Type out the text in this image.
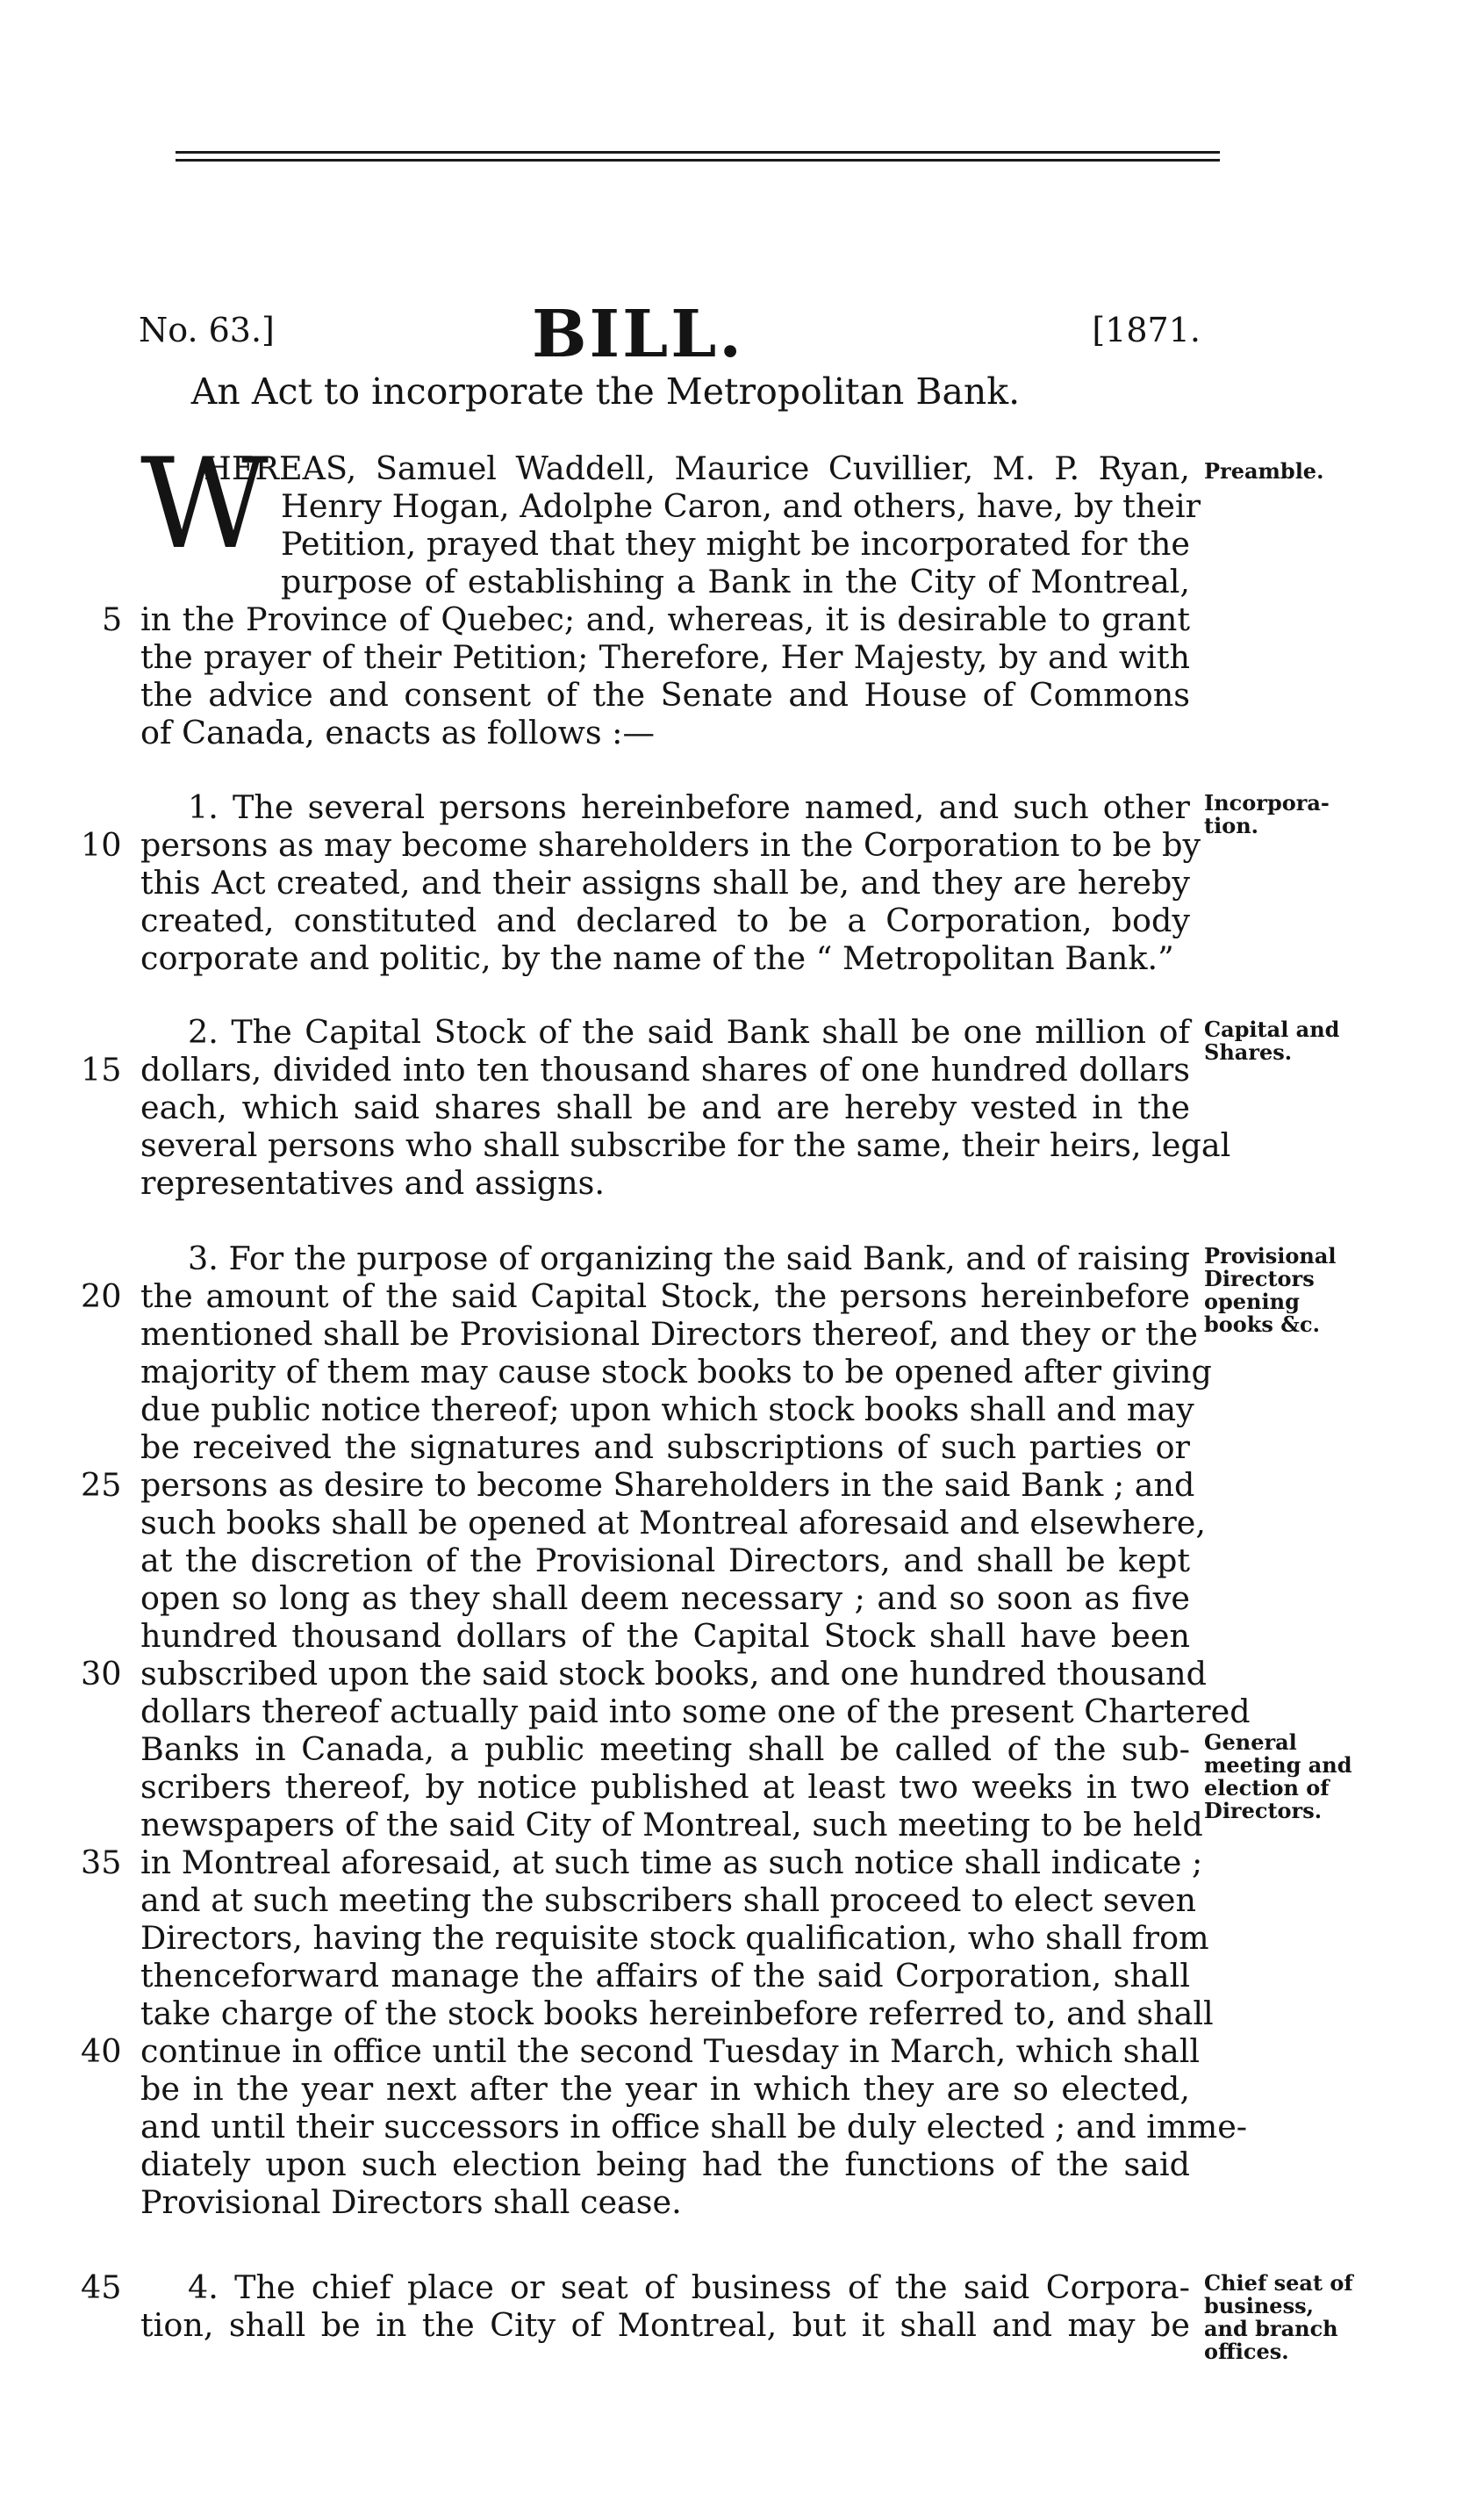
No. 63.]	BILL.	[1871.
An Act to incorporate the Metropolitan Bank.
W
HEREAS, Samuel Waddell, Maurice Cuvillier, M. P. Ryan,
Henry Hogan, Adolphe Caron, and others, have, by their
Petition, prayed that they might be incorporated for the
purpose of establishing a Bank in the City of Montreal,
in the Province of Quebec; and, whereas, it is desirable to grant
the prayer of their Petition; Therefore, Her Majesty, by and with
the advice and consent of the Senate and House of Commons
of Canada, enacts as follows :—
1. The several persons hereinbefore named, and such other
persons as may become shareholders in the Corporation to be by
this Act created, and their assigns shall be, and they are hereby
created, constituted and declared to be a Corporation, body
corporate and politic, by the name of the “ Metropolitan Bank.”
2. The Capital Stock of the said Bank shall be one million of
dollars, divided into ten thousand shares of one hundred dollars
each, which said shares shall be and are hereby vested in the
several persons who shall subscribe for the same, their heirs, legal
representatives and assigns.
3. For the purpose of organizing the said Bank, and of raising
the amount of the said Capital Stock, the persons hereinbefore
mentioned shall be Provisional Directors thereof, and they or the
majority of them may cause stock books to be opened after giving
due public notice thereof; upon which stock books shall and may
be received the signatures and subscriptions of such parties or
persons as desire to become Shareholders in the said Bank ; and
such books shall be opened at Montreal aforesaid and elsewhere,
at the discretion of the Provisional Directors, and shall be kept
open so long as they shall deem necessary ; and so soon as five
hundred thousand dollars of the Capital Stock shall have been
subscribed upon the said stock books, and one hundred thousand
dollars thereof actually paid into some one of the present Chartered
Banks in Canada, a public meeting shall be called of the sub-
scribers thereof, by notice published at least two weeks in two
newspapers of the said City of Montreal, such meeting to be held
in Montreal aforesaid, at such time as such notice shall indicate ;
and at such meeting the subscribers shall proceed to elect seven
Directors, having the requisite stock qualification, who shall from
thenceforward manage the affairs of the said Corporation, shall
take charge of the stock books hereinbefore referred to, and shall
continue in office until the second Tuesday in March, which shall
be in the year next after the year in which they are so elected,
and until their successors in office shall be duly elected ; and imme-
diately upon such election being had the functions of the said
Provisional Directors shall cease.
4. The chief place or seat of business of the said Corpora-
tion, shall be in the City of Montreal, but it shall and may be
5
10
15
20
25
30
35
40
45
Preamble.
Incorpora-tion.
Capital and Shares.
Provisional Directors opening books &c.
General meeting and election of Directors.
Chief seat of business, and branch offices.
